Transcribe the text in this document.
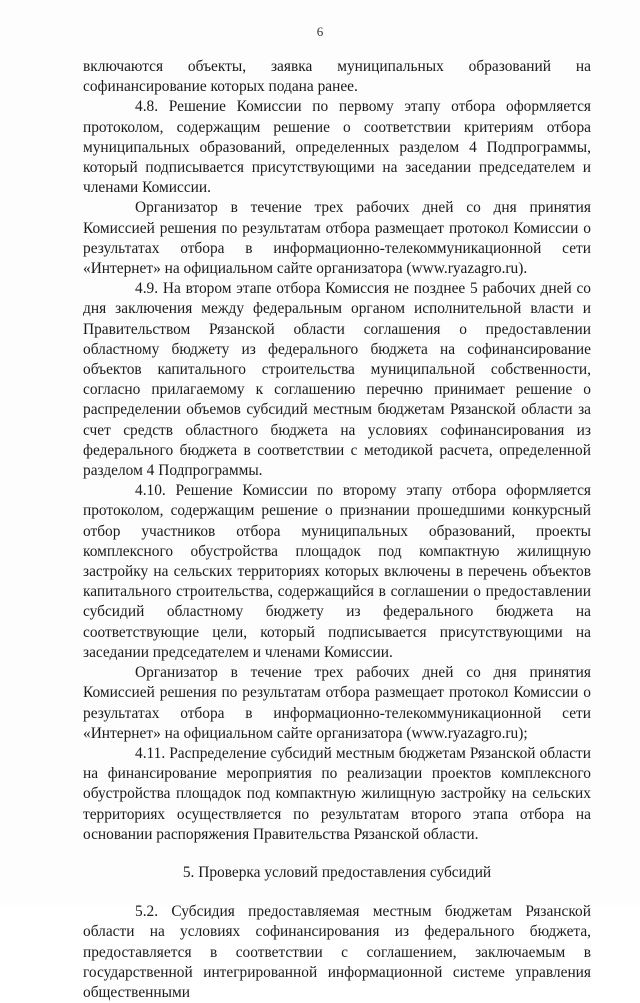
6

включаются объекты, заявка муниципальных образований на софинансирование которых подана ранее.

4.8. Решение Комиссии по первому этапу отбора оформляется протоколом, содержащим решение о соответствии критериям отбора муниципальных образований, определенных разделом 4 Подпрограммы, который подписывается присутствующими на заседании председателем и членами Комиссии.

Организатор в течение трех рабочих дней со дня принятия Комиссией решения по результатам отбора размещает протокол Комиссии о результатах отбора в информационно-телекоммуникационной сети «Интернет» на официальном сайте организатора (www.ryazagro.ru).

4.9. На втором этапе отбора Комиссия не позднее 5 рабочих дней со дня заключения между федеральным органом исполнительной власти и Правительством Рязанской области соглашения о предоставлении областному бюджету из федерального бюджета на софинансирование объектов капитального строительства муниципальной собственности, согласно прилагаемому к соглашению перечню принимает решение о распределении объемов субсидий местным бюджетам Рязанской области за счет средств областного бюджета на условиях софинансирования из федерального бюджета в соответствии с методикой расчета, определенной разделом 4 Подпрограммы.

4.10. Решение Комиссии по второму этапу отбора оформляется протоколом, содержащим решение о признании прошедшими конкурсный отбор участников отбора муниципальных образований, проекты комплексного обустройства площадок под компактную жилищную застройку на сельских территориях которых включены в перечень объектов капитального строительства, содержащийся в соглашении о предоставлении субсидий областному бюджету из федерального бюджета на соответствующие цели, который подписывается присутствующими на заседании председателем и членами Комиссии.

Организатор в течение трех рабочих дней со дня принятия Комиссией решения по результатам отбора размещает протокол Комиссии о результатах отбора в информационно-телекоммуникационной сети «Интернет» на официальном сайте организатора (www.ryazagro.ru);

4.11. Распределение субсидий местным бюджетам Рязанской области на финансирование мероприятия по реализации проектов комплексного обустройства площадок под компактную жилищную застройку на сельских территориях осуществляется по результатам второго этапа отбора на основании распоряжения Правительства Рязанской области.

5. Проверка условий предоставления субсидий

5.2. Субсидия предоставляемая местным бюджетам Рязанской области на условиях софинансирования из федерального бюджета, предоставляется в соответствии с соглашением, заключаемым в государственной интегрированной информационной системе управления общественными
